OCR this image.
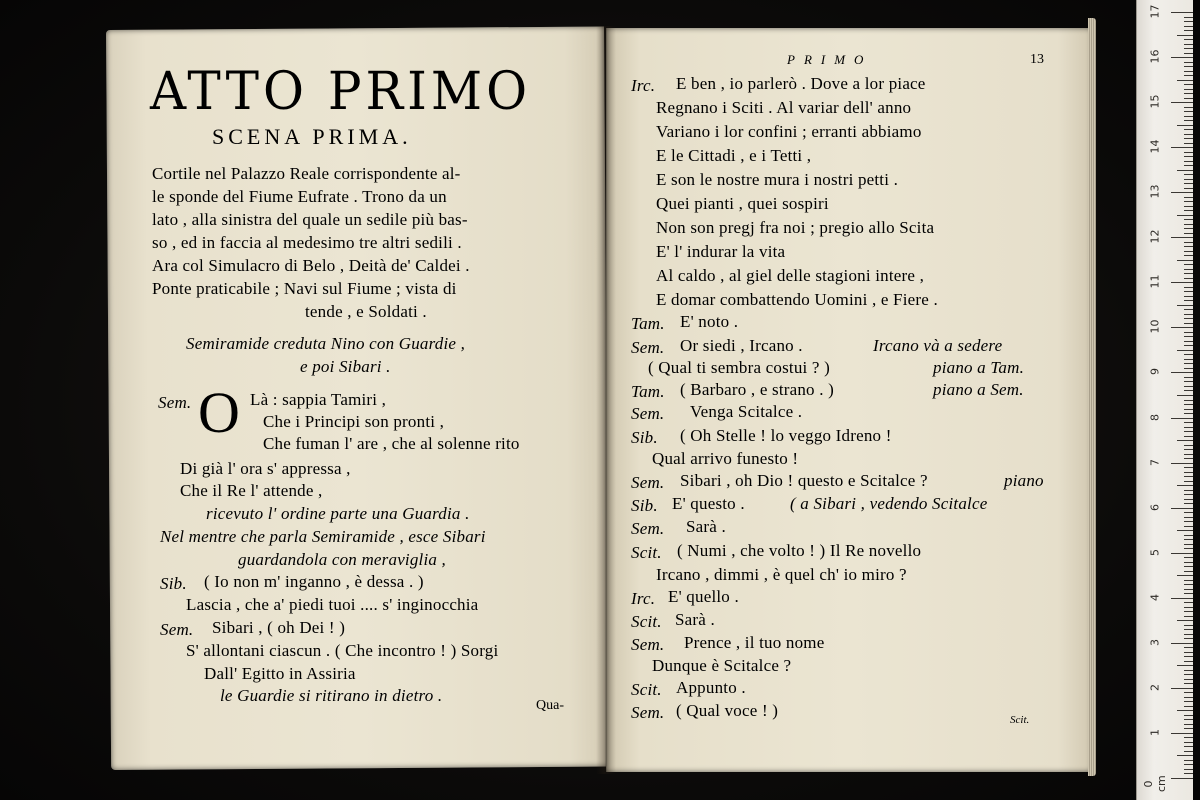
ATTO PRIMO
SCENA PRIMA.
Cortile nel Palazzo Reale corrispondente al-
le sponde del Fiume Eufrate . Trono da un
lato , alla sinistra del quale un sedile più bas-
so , ed in faccia al medesimo tre altri sedili .
Ara col Simulacro di Belo , Deità de' Caldei .
Ponte praticabile ; Navi sul Fiume ; vista di
tende , e Soldati .
Semiramide creduta Nino con Guardie ,
e poi Sibari .
O
Sem.	Là : sappia Tamiri ,
Che i Principi son pronti ,
Che fuman l' are , che al solenne rito
Di già l' ora s' appressa ,
Che il Re l' attende ,
ricevuto l' ordine parte una Guardia .
Nel mentre che parla Semiramide , esce Sibari
guardandola con meraviglia ,
Sib. ( Io non m' inganno , è dessa . )
Lascia , che a' piedi tuoi .... s' inginocchia
Sem. Sibari , ( oh Dei ! )
S' allontani ciascun . ( Che incontro ! ) Sorgi
Dall' Egitto in Assiria
le Guardie si ritirano in dietro .
Qua-
PRIMO	13
Irc. E ben , io parlerò . Dove a lor piace
Regnano i Sciti . Al variar dell' anno
Variano i lor confini ; erranti abbiamo
E le Cittadi , e i Tetti ,
E son le nostre mura i nostri petti .
Quei pianti , quei sospiri
Non son pregj fra noi ; pregio allo Scita
E' l' indurar la vita
Al caldo , al giel delle stagioni intere ,
E domar combattendo Uomini , e Fiere .
Tam. E' noto .
Sem. Or siedi , Ircano .	Ircano và a sedere
( Qual ti sembra costui ? )	piano a Tam.
Tam. ( Barbaro , e strano . )	piano a Sem.
Sem. Venga Scitalce .
Sib. ( Oh Stelle ! lo veggo Idreno !
Qual arrivo funesto !
Sem. Sibari , oh Dio ! questo e Scitalce ?	piano
Sib. E' questo .	( a Sibari , vedendo Scitalce
Sem. Sarà .
Scit. ( Numi , che volto ! ) Il Re novello
Ircano , dimmi , è quel ch' io miro ?
Irc. E' quello .
Scit. Sarà .
Sem. Prence , il tuo nome
Dunque è Scitalce ?
Scit. Appunto .
Sem. ( Qual voce ! )	Scit.
17
16
15
14
13
12
11
10
9
8
7
6
5
4
3
2
1
0 cm
